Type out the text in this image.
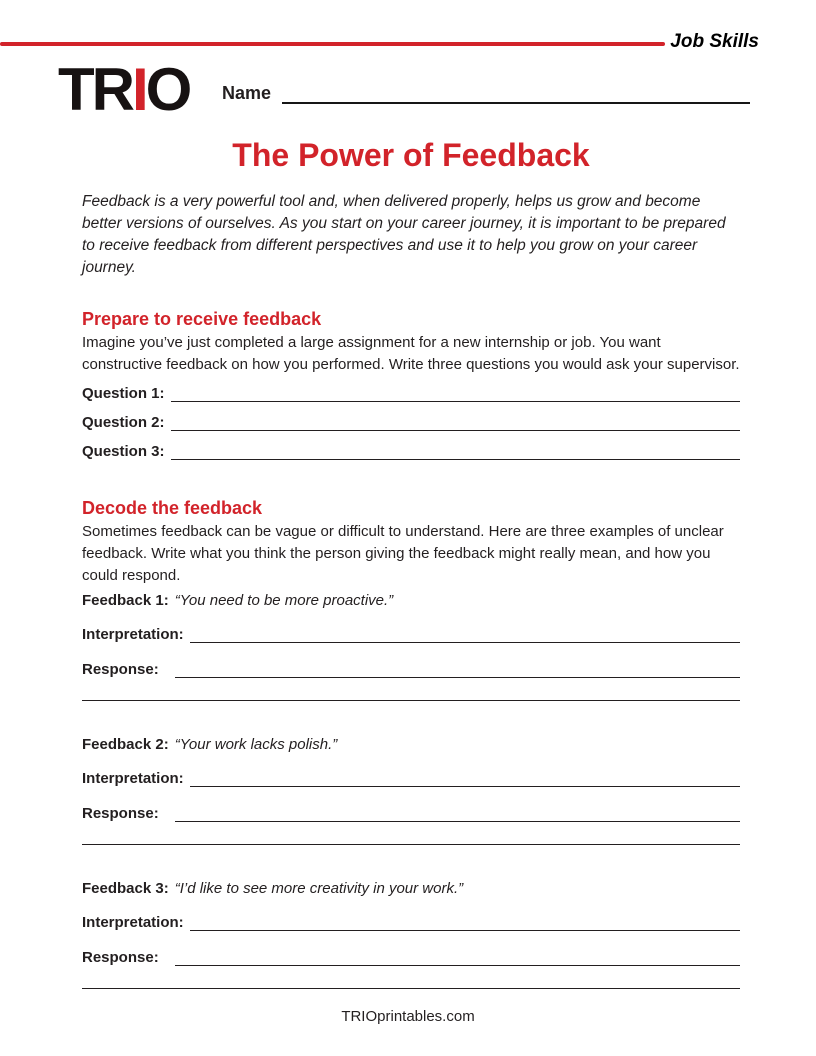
Job Skills
TRIO Name
The Power of Feedback

Feedback is a very powerful tool and, when delivered properly, helps us grow and become better versions of ourselves. As you start on your career journey, it is important to be prepared to receive feedback from different perspectives and use it to help you grow on your career journey.

Prepare to receive feedback

Imagine you’ve just completed a large assignment for a new internship or job. You want constructive feedback on how you performed. Write three questions you would ask your supervisor.

Question 1:
Question 2:
Question 3:
Decode the feedback

Sometimes feedback can be vague or difficult to understand. Here are three examples of unclear feedback. Write what you think the person giving the feedback might really mean, and how you could respond.

Feedback 1: “You need to be more proactive.”
Interpretation:
Response:
Feedback 2: “Your work lacks polish.”
Interpretation:
Response:
Feedback 3: “I’d like to see more creativity in your work.”
Interpretation:
Response:
TRIOprintables.com
